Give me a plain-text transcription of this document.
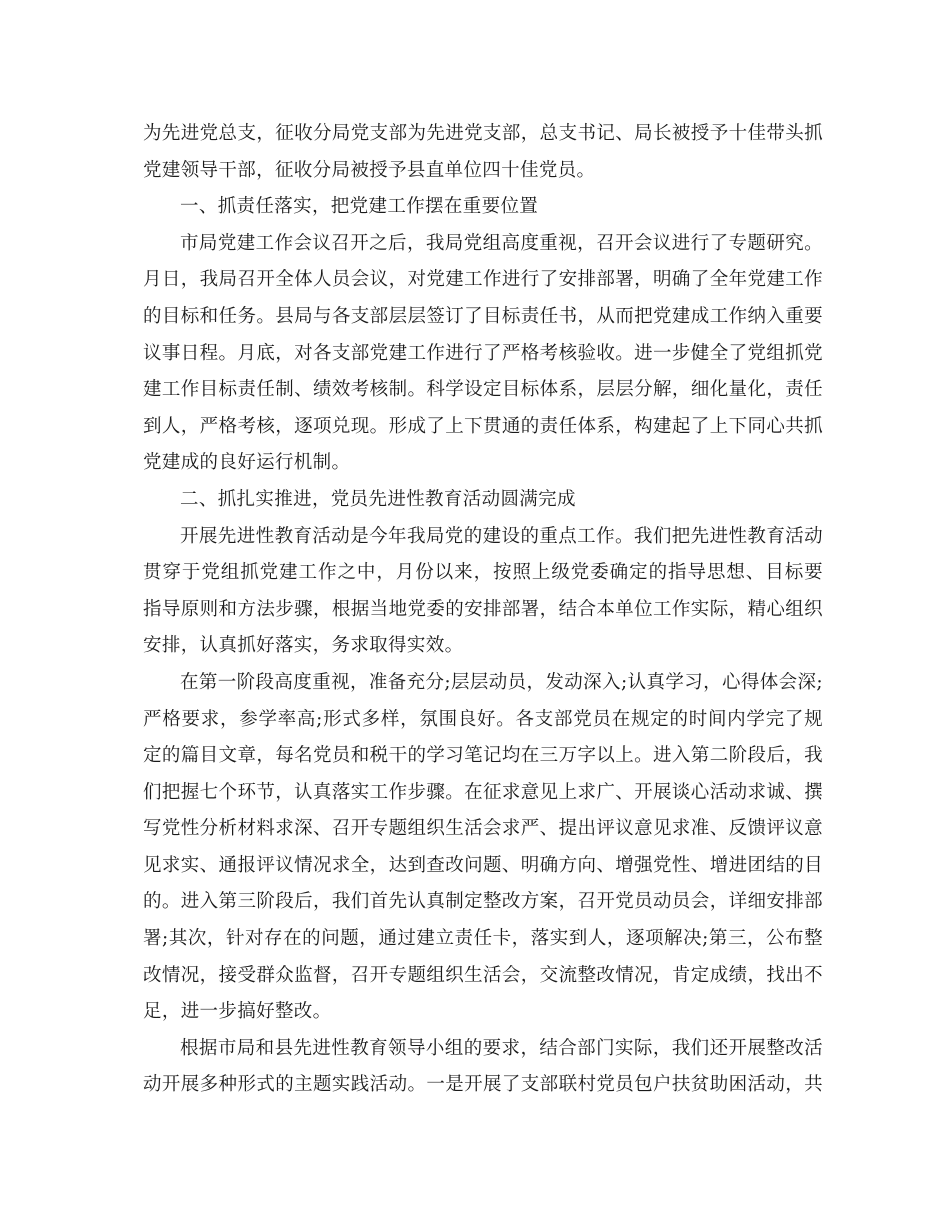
为先进党总支，征收分局党支部为先进党支部，总支书记、局长被授予十佳带头抓
党建领导干部，征收分局被授予县直单位四十佳党员。
一、抓责任落实，把党建工作摆在重要位置
市局党建工作会议召开之后，我局党组高度重视，召开会议进行了专题研究。
月日，我局召开全体人员会议，对党建工作进行了安排部署，明确了全年党建工作
的目标和任务。县局与各支部层层签订了目标责任书，从而把党建成工作纳入重要
议事日程。月底，对各支部党建工作进行了严格考核验收。进一步健全了党组抓党
建工作目标责任制、绩效考核制。科学设定目标体系，层层分解，细化量化，责任
到人，严格考核，逐项兑现。形成了上下贯通的责任体系，构建起了上下同心共抓
党建成的良好运行机制。
二、抓扎实推进，党员先进性教育活动圆满完成
开展先进性教育活动是今年我局党的建设的重点工作。我们把先进性教育活动
贯穿于党组抓党建工作之中，月份以来，按照上级党委确定的指导思想、目标要
指导原则和方法步骤，根据当地党委的安排部署，结合本单位工作实际，精心组织
安排，认真抓好落实，务求取得实效。
在第一阶段高度重视，准备充分;层层动员，发动深入;认真学习，心得体会深;
严格要求，参学率高;形式多样，氛围良好。各支部党员在规定的时间内学完了规
定的篇目文章，每名党员和税干的学习笔记均在三万字以上。进入第二阶段后，我
们把握七个环节，认真落实工作步骤。在征求意见上求广、开展谈心活动求诚、撰
写党性分析材料求深、召开专题组织生活会求严、提出评议意见求准、反馈评议意
见求实、通报评议情况求全，达到查改问题、明确方向、增强党性、增进团结的目
的。进入第三阶段后，我们首先认真制定整改方案，召开党员动员会，详细安排部
署;其次，针对存在的问题，通过建立责任卡，落实到人，逐项解决;第三，公布整
改情况，接受群众监督，召开专题组织生活会，交流整改情况，肯定成绩，找出不
足，进一步搞好整改。
根据市局和县先进性教育领导小组的要求，结合部门实际，我们还开展整改活
动开展多种形式的主题实践活动。一是开展了支部联村党员包户扶贫助困活动，共
